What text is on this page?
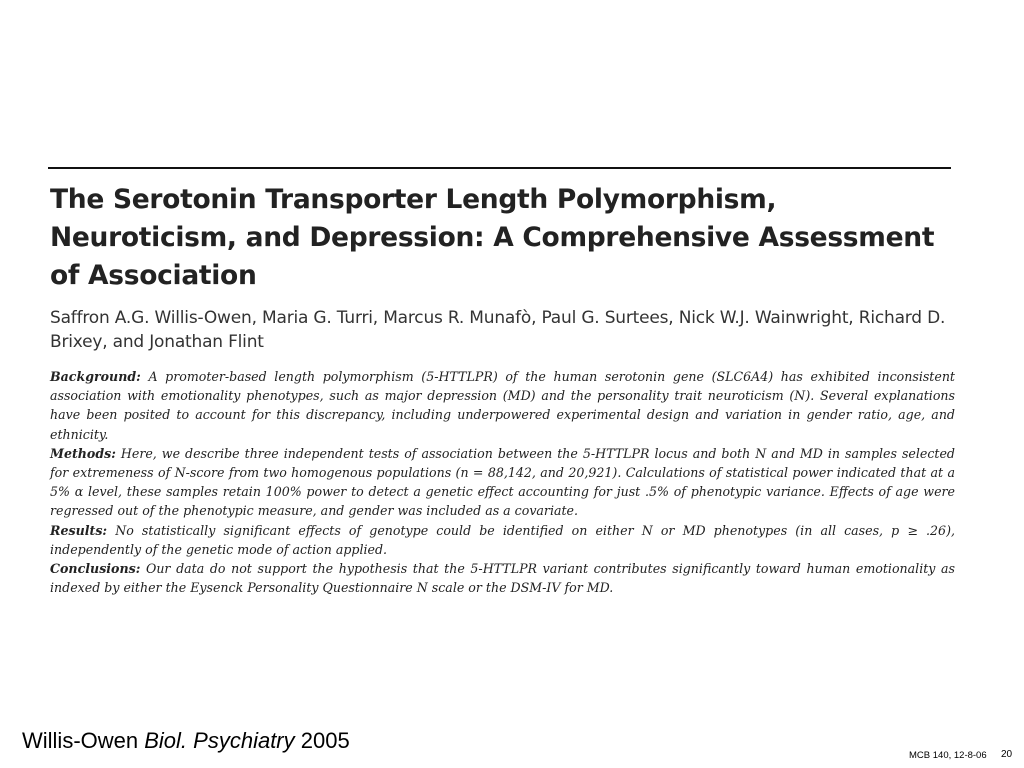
The Serotonin Transporter Length Polymorphism, Neuroticism, and Depression: A Comprehensive Assessment of Association

Saffron A.G. Willis-Owen, Maria G. Turri, Marcus R. Munafò, Paul G. Surtees, Nick W.J. Wainwright, Richard D. Brixey, and Jonathan Flint

Background: A promoter-based length polymorphism (5-HTTLPR) of the human serotonin gene (SLC6A4) has exhibited inconsistent association with emotionality phenotypes, such as major depression (MD) and the personality trait neuroticism (N). Several explanations have been posited to account for this discrepancy, including underpowered experimental design and variation in gender ratio, age, and ethnicity.

Methods: Here, we describe three independent tests of association between the 5-HTTLPR locus and both N and MD in samples selected for extremeness of N-score from two homogenous populations (n = 88,142, and 20,921). Calculations of statistical power indicated that at a 5% α level, these samples retain 100% power to detect a genetic effect accounting for just .5% of phenotypic variance. Effects of age were regressed out of the phenotypic measure, and gender was included as a covariate.

Results: No statistically significant effects of genotype could be identified on either N or MD phenotypes (in all cases, p ≥ .26), independently of the genetic mode of action applied.

Conclusions: Our data do not support the hypothesis that the 5-HTTLPR variant contributes significantly toward human emotionality as indexed by either the Eysenck Personality Questionnaire N scale or the DSM-IV for MD.

Willis-Owen Biol. Psychiatry 2005
MCB 140, 12-8-06 20
